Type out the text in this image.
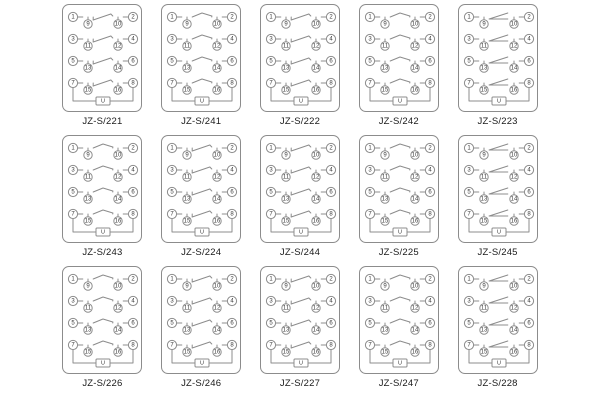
U
1	2
9	10
3	4
11	12
5	6
13	14
7	8
15	16
JZ-S/221
U
1	2
9	10
3	4
11	12
5	6
13	14
7	8
15	16
JZ-S/241
U
1	2
9	10
3	4
11	12
5	6
13	14
7	8
15	16
JZ-S/222
U
1	2
9	10
3	4
11	12
5	6
13	14
7	8
15	16
JZ-S/242
U
1	2
9	10
3	4
11	12
5	6
13	14
7	8
15	16
JZ-S/223
U
1	2
9	10
3	4
11	12
5	6
13	14
7	8
15	16
JZ-S/243
U
1	2
9	10
3	4
11	12
5	6
13	14
7	8
15	16
JZ-S/224
U
1	2
9	10
3	4
11	12
5	6
13	14
7	8
15	16
JZ-S/244
U
1	2
9	10
3	4
11	12
5	6
13	14
7	8
15	16
JZ-S/225
U
1	2
9	10
3	4
11	12
5	6
13	14
7	8
15	16
JZ-S/245
U
1	2
9	10
3	4
11	12
5	6
13	14
7	8
15	16
JZ-S/226
U
1	2
9	10
3	4
11	12
5	6
13	14
7	8
15	16
JZ-S/246
U
1	2
9	10
3	4
11	12
5	6
13	14
7	8
15	16
JZ-S/227
U
1	2
9	10
3	4
11	12
5	6
13	14
7	8
15	16
JZ-S/247
U
1	2
9	10
3	4
11	12
5	6
13	14
7	8
15	16
JZ-S/228
